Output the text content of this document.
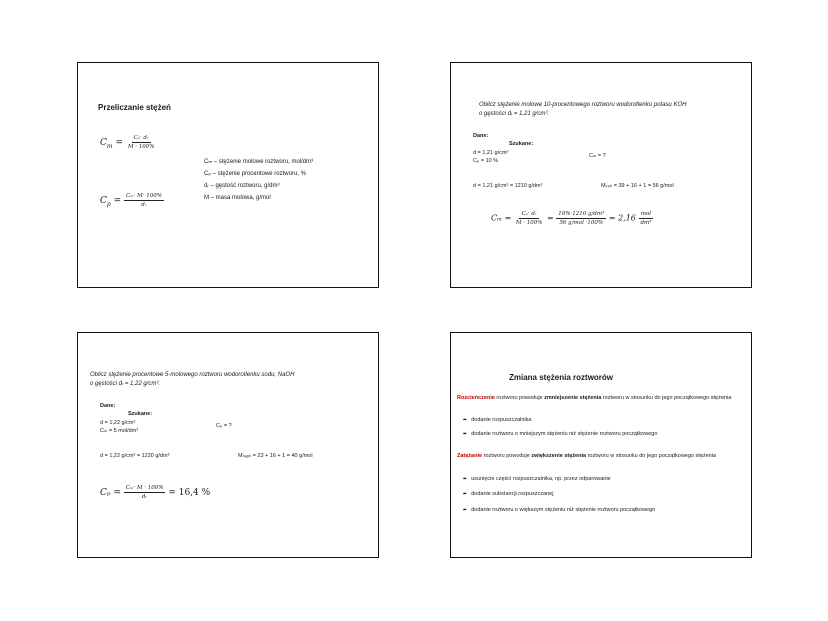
Przeliczanie stężeń
$C_m = \frac{\text{Cₚ· dᵣ}}{M \cdot 100\%}$
$C_p = \frac{\text{Cₘ· M· 100\%}}{\text{dᵣ}}$
Cₘ – stężenie molowe roztworu, mol/dm³
Cₚ – stężenie procentowe roztworu, %
dᵣ – gęstość roztworu, g/dm³
M – masa molowa, g/mol
Oblicz stężenie molowe 10-procentowego roztworu wodorotlenku potasu KOH
o gęstości dᵣ = 1,21 g/cm³.
Dane:
Szukane:
d = 1,21 g/cm³
Cₚ = 10 %
Cₘ = ?
d = 1,21 g/cm³ = 1210 g/dm³	Mₖₒₕ = 39 + 16 + 1 = 56 g/mol
$C_m = \frac{\text{Cₚ· dᵣ}}{M \cdot 100\%} = \frac{\text{10\%·1210 g/dm³}}{\text{56 g/mol ·100\%}} = 2,16 \frac{\text{mol}}{\text{dm³}}$
Oblicz stężenie procentowe 5-molowego roztworu wodorotlenku sodu, NaOH
o gęstości dᵣ = 1,22 g/cm³.
Dane:
Szukane:
d = 1,22 g/cm³
Cₘ = 5 mol/dm³
Cₚ = ?
d = 1,22 g/cm³ = 1220 g/dm³	Mₙₐₒₕ = 23 + 16 + 1 = 40 g/mol
$C_p = \frac{\text{Cₘ· M · 100\%}}{\text{dᵣ}} = 16,4$ %
Zmiana stężenia roztworów
Rozcieńczenie roztworu powoduje zmniejszenie stężenia roztworu w stosunku do jego początkowego stężenia
➨ dodanie rozpuszczalnika
➨ dodanie roztworu o mniejszym stężeniu niż stężenie roztworu początkowego
Zatężanie roztworu powoduje zwiększenie stężenia roztworu w stosunku do jego początkowego stężenia
➨ usunięcie części rozpuszczalnika, np. przez odparowanie
➨ dodanie substancji rozpuszczanej
➨ dodanie roztworu o większym stężeniu niż stężenie roztworu początkowego
